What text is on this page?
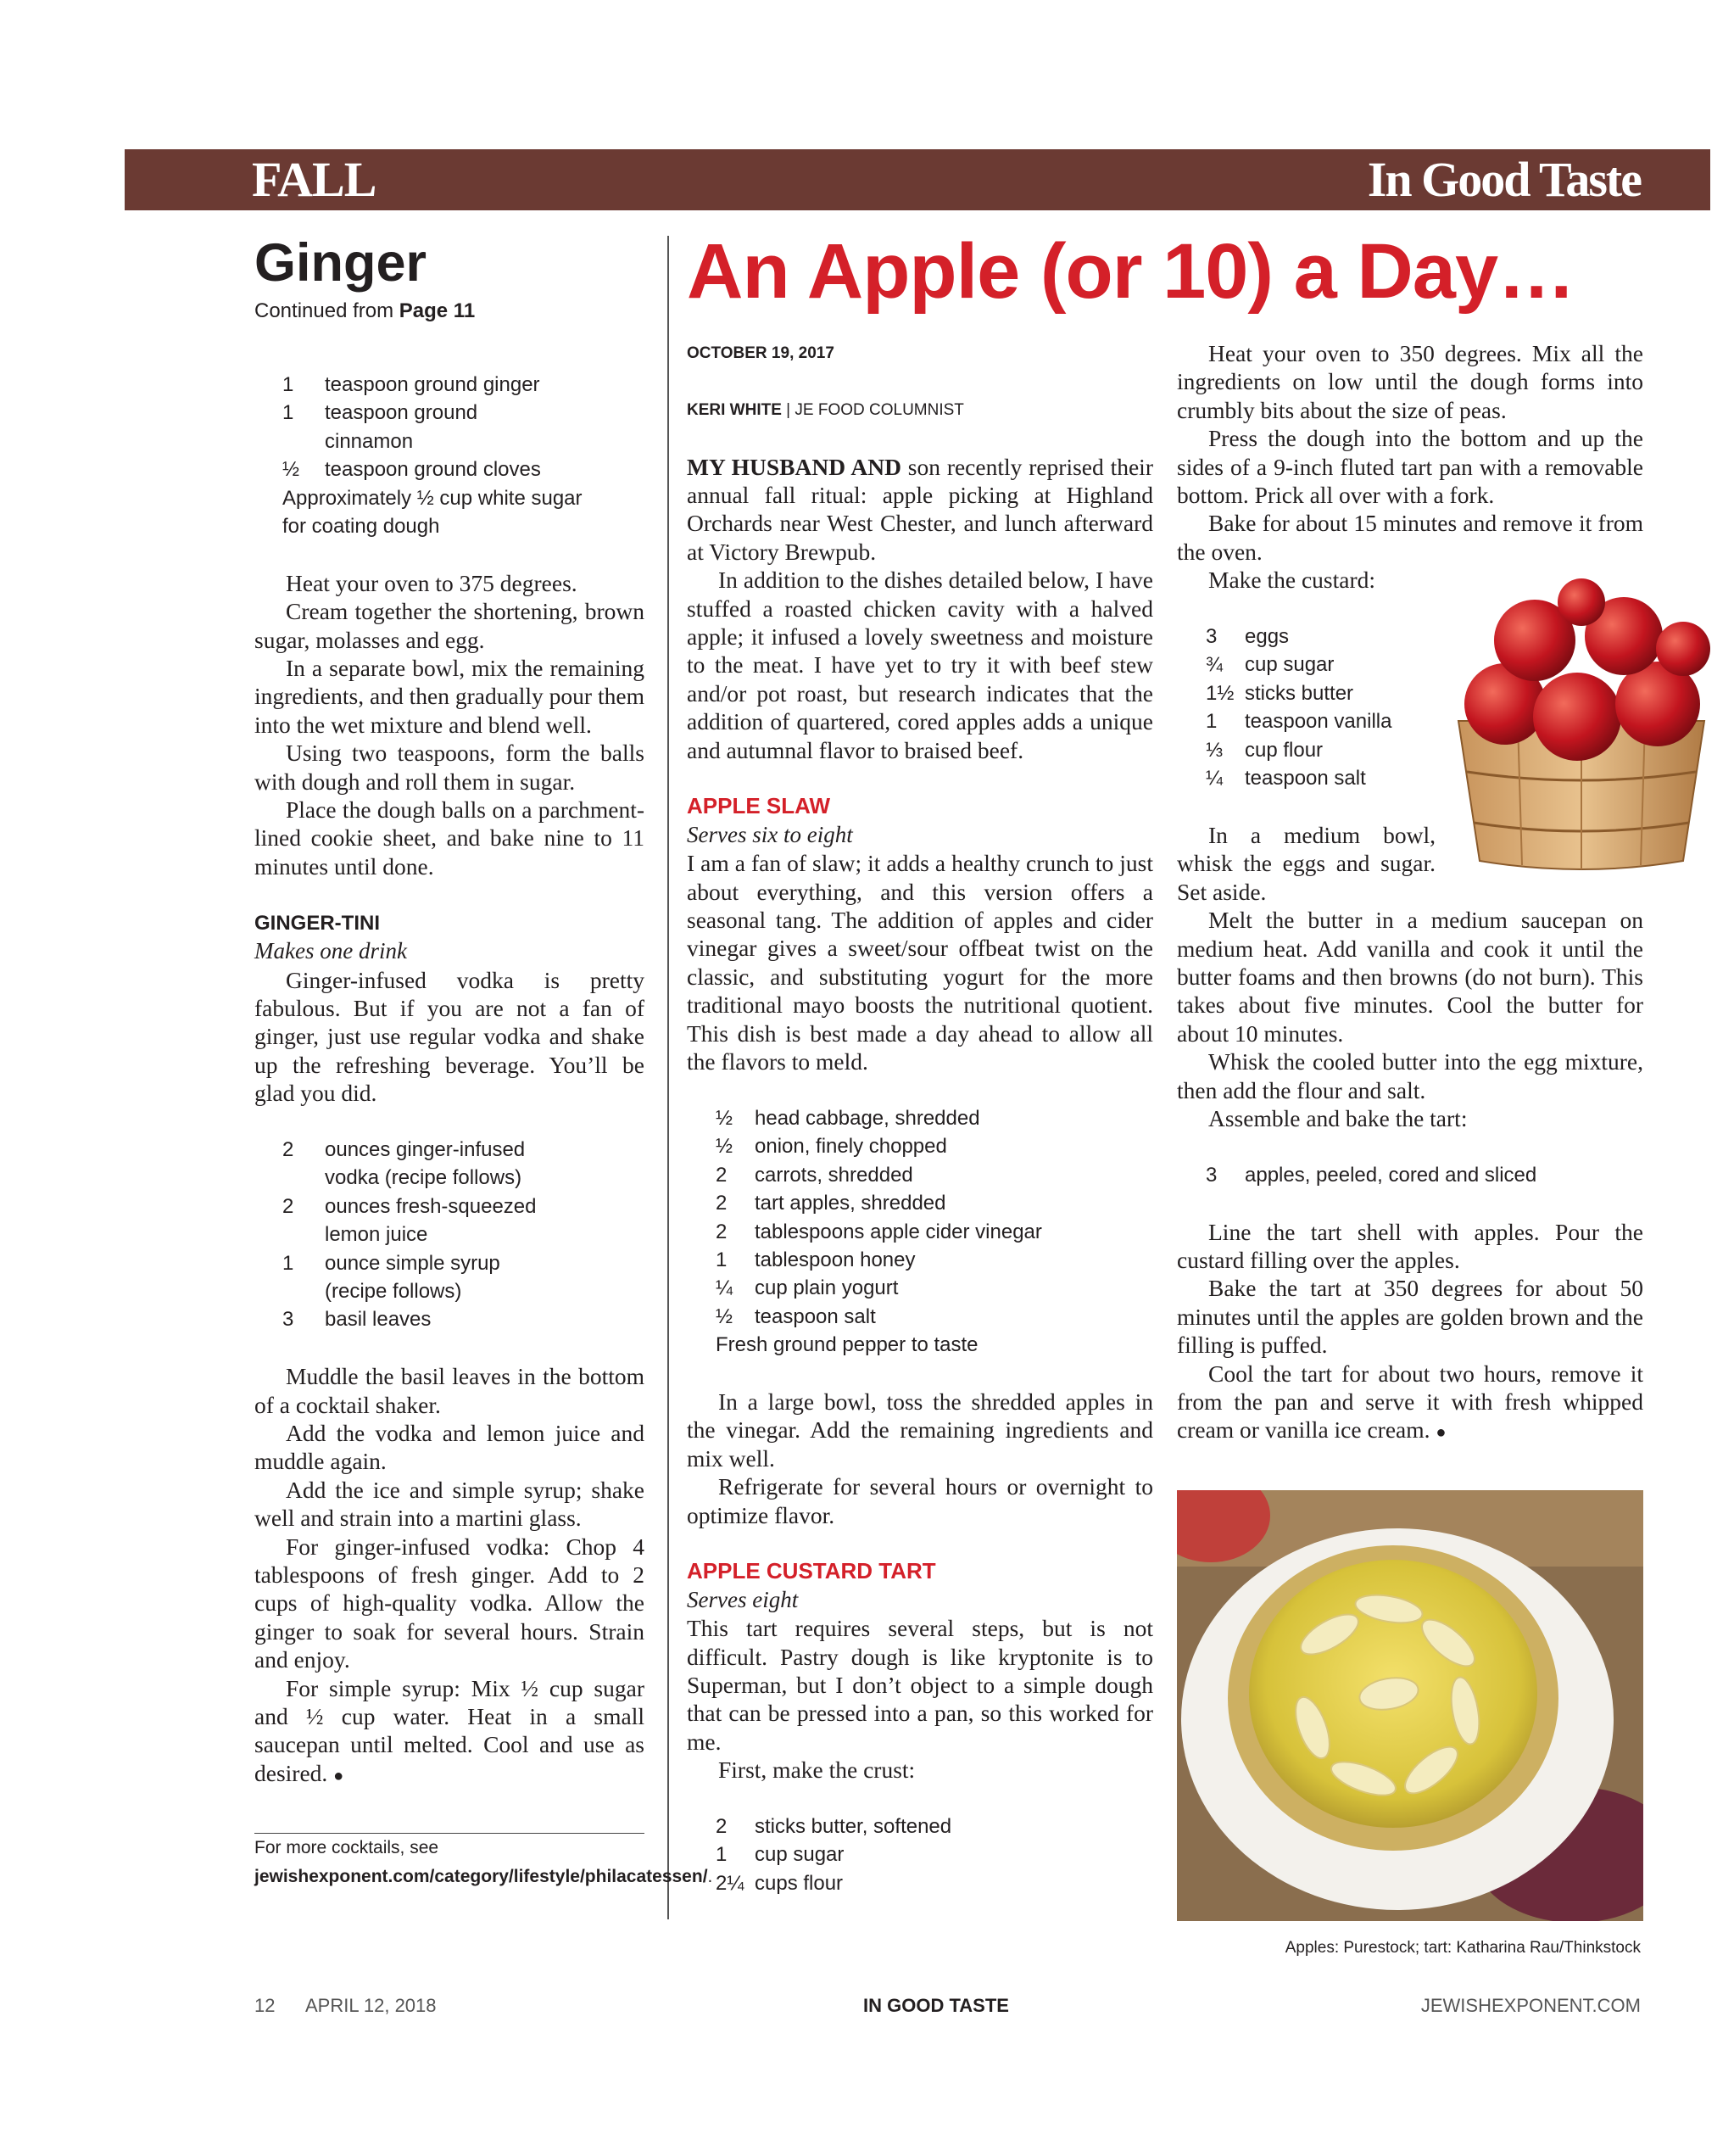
FALL	In Good Taste
Ginger

Continued from Page 11

1	teaspoon ground ginger
1	teaspoon ground cinnamon
½	teaspoon ground cloves
Approximately ½ cup white sugar for coating dough

Heat your oven to 375 degrees.

Cream together the shortening, brown sugar, molasses and egg.

In a separate bowl, mix the remaining ingredients, and then gradually pour them into the wet mixture and blend well.

Using two teaspoons, form the balls with dough and roll them in sugar.

Place the dough balls on a parchment-lined cookie sheet, and bake nine to 11 minutes until done.

GINGER-TINI

Makes one drink

Ginger-infused vodka is pretty fabulous. But if you are not a fan of ginger, just use regular vodka and shake up the refreshing beverage. You’ll be glad you did.

2	ounces ginger-infused vodka (recipe follows)
2	ounces fresh-squeezed lemon juice
1	ounce simple syrup (recipe follows)
3	basil leaves

Muddle the basil leaves in the bottom of a cocktail shaker.

Add the vodka and lemon juice and muddle again.

Add the ice and simple syrup; shake well and strain into a martini glass.

For ginger-infused vodka: Chop 4 tablespoons of fresh ginger. Add to 2 cups of high-quality vodka. Allow the ginger to soak for several hours. Strain and enjoy.

For simple syrup: Mix ½ cup sugar and ½ cup water. Heat in a small saucepan until melted. Cool and use as desired. ●

For more cocktails, see jewishexponent.com/category/lifestyle/philacatessen/.

An Apple (or 10) a Day…

OCTOBER 19, 2017

KERI WHITE | JE FOOD COLUMNIST

MY HUSBAND AND son recently reprised their annual fall ritual: apple picking at Highland Orchards near West Chester, and lunch afterward at Victory Brewpub.

In addition to the dishes detailed below, I have stuffed a roasted chicken cavity with a halved apple; it infused a lovely sweetness and moisture to the meat. I have yet to try it with beef stew and/or pot roast, but research indicates that the addition of quartered, cored apples adds a unique and autumnal flavor to braised beef.

APPLE SLAW

Serves six to eight

I am a fan of slaw; it adds a healthy crunch to just about everything, and this version offers a seasonal tang. The addition of apples and cider vinegar gives a sweet/sour offbeat twist on the classic, and substituting yogurt for the more traditional mayo boosts the nutritional quotient. This dish is best made a day ahead to allow all the flavors to meld.

½	head cabbage, shredded
½	onion, finely chopped
2	carrots, shredded
2	tart apples, shredded
2	tablespoons apple cider vinegar
1	tablespoon honey
¼	cup plain yogurt
½	teaspoon salt
Fresh ground pepper to taste

In a large bowl, toss the shredded apples in the vinegar. Add the remaining ingredients and mix well.

Refrigerate for several hours or overnight to optimize flavor.

APPLE CUSTARD TART

Serves eight

This tart requires several steps, but is not difficult. Pastry dough is like kryptonite is to Superman, but I don’t object to a simple dough that can be pressed into a pan, so this worked for me.

First, make the crust:

2	sticks butter, softened
1	cup sugar
2¼ cups flour

Heat your oven to 350 degrees. Mix all the ingredients on low until the dough forms into crumbly bits about the size of peas.

Press the dough into the bottom and up the sides of a 9-inch fluted tart pan with a removable bottom. Prick all over with a fork.

Bake for about 15 minutes and remove it from the oven.

Make the custard:

3	eggs
¾	cup sugar
1½ sticks butter
1	teaspoon vanilla
⅓	cup flour
¼	teaspoon salt

In a medium bowl, whisk the eggs and sugar. Set aside.

Melt the butter in a medium saucepan on medium heat. Add vanilla and cook it until the butter foams and then browns (do not burn). This takes about five minutes. Cool the butter for about 10 minutes.

Whisk the cooled butter into the egg mixture, then add the flour and salt.

Assemble and bake the tart:

3	apples, peeled, cored and sliced

Line the tart shell with apples. Pour the custard filling over the apples.

Bake the tart at 350 degrees for about 50 minutes until the apples are golden brown and the filling is puffed.

Cool the tart for about two hours, remove it from the pan and serve it with fresh whipped cream or vanilla ice cream. ●

Apples: Purestock; tart: Katharina Rau/Thinkstock
12 APRIL 12, 2018	IN GOOD TASTE	JEWISHEXPONENT.COM
